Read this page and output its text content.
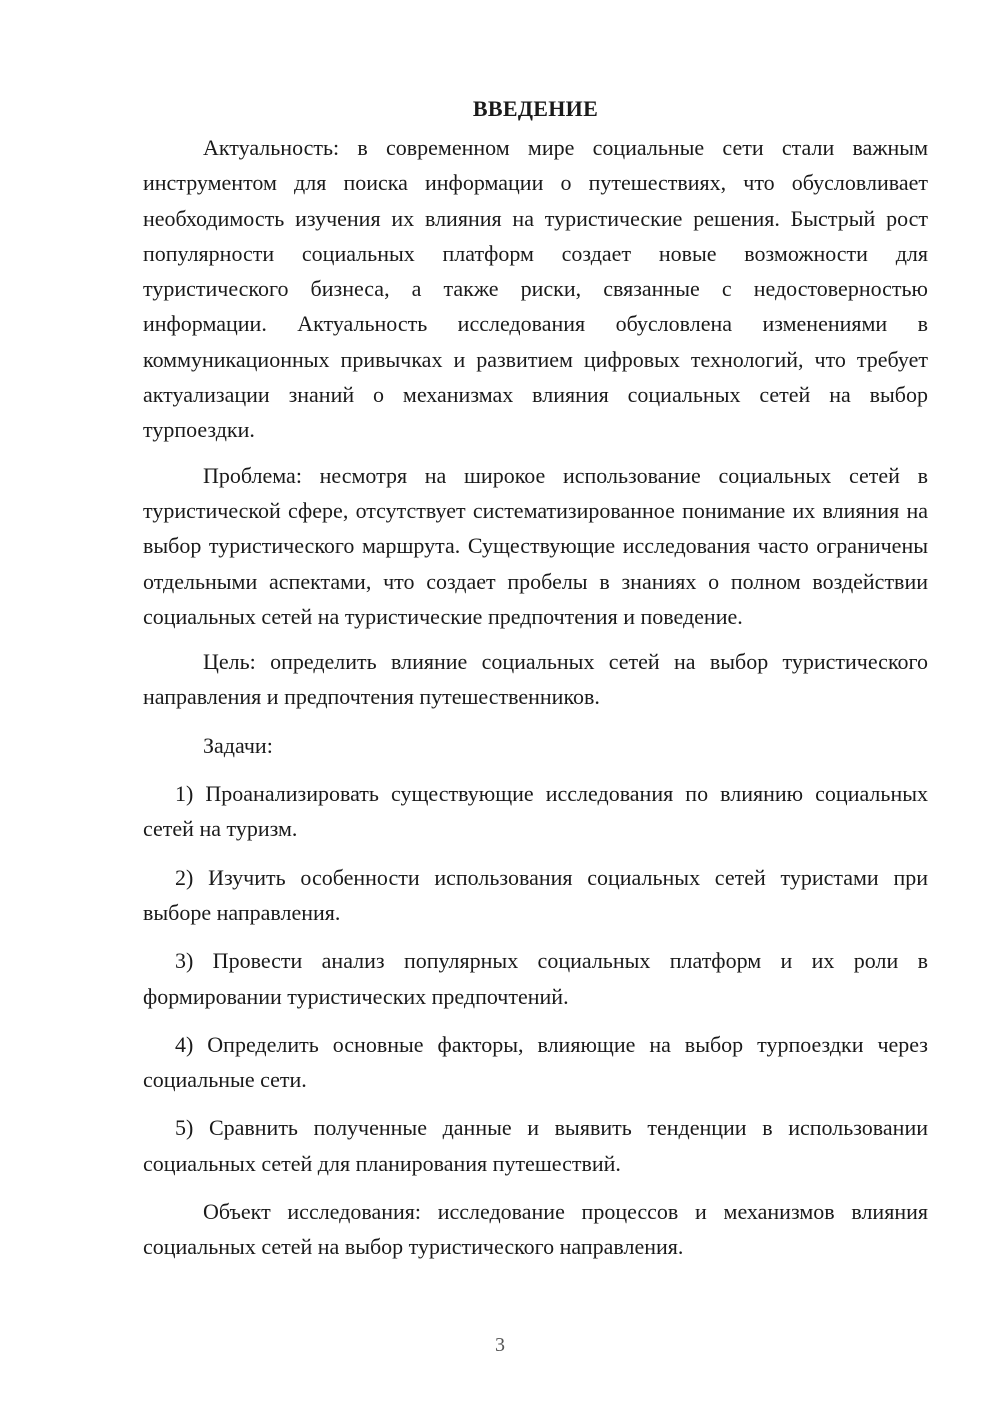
ВВЕДЕНИЕ

Актуальность: в современном мире социальные сети стали важным инструментом для поиска информации о путешествиях, что обусловливает необходимость изучения их влияния на туристические решения. Быстрый рост популярности социальных платформ создает новые возможности для туристического бизнеса, а также риски, связанные с недостоверностью информации. Актуальность исследования обусловлена изменениями в коммуникационных привычках и развитием цифровых технологий, что требует актуализации знаний о механизмах влияния социальных сетей на выбор турпоездки.

Проблема: несмотря на широкое использование социальных сетей в туристической сфере, отсутствует систематизированное понимание их влияния на выбор туристического маршрута. Существующие исследования часто ограничены отдельными аспектами, что создает пробелы в знаниях о полном воздействии социальных сетей на туристические предпочтения и поведение.

Цель: определить влияние социальных сетей на выбор туристического направления и предпочтения путешественников.

Задачи:

1) Проанализировать существующие исследования по влиянию социальных сетей на туризм.

2) Изучить особенности использования социальных сетей туристами при выборе направления.

3) Провести анализ популярных социальных платформ и их роли в формировании туристических предпочтений.

4) Определить основные факторы, влияющие на выбор турпоездки через социальные сети.

5) Сравнить полученные данные и выявить тенденции в использовании социальных сетей для планирования путешествий.

Объект исследования: исследование процессов и механизмов влияния социальных сетей на выбор туристического направления.

3
